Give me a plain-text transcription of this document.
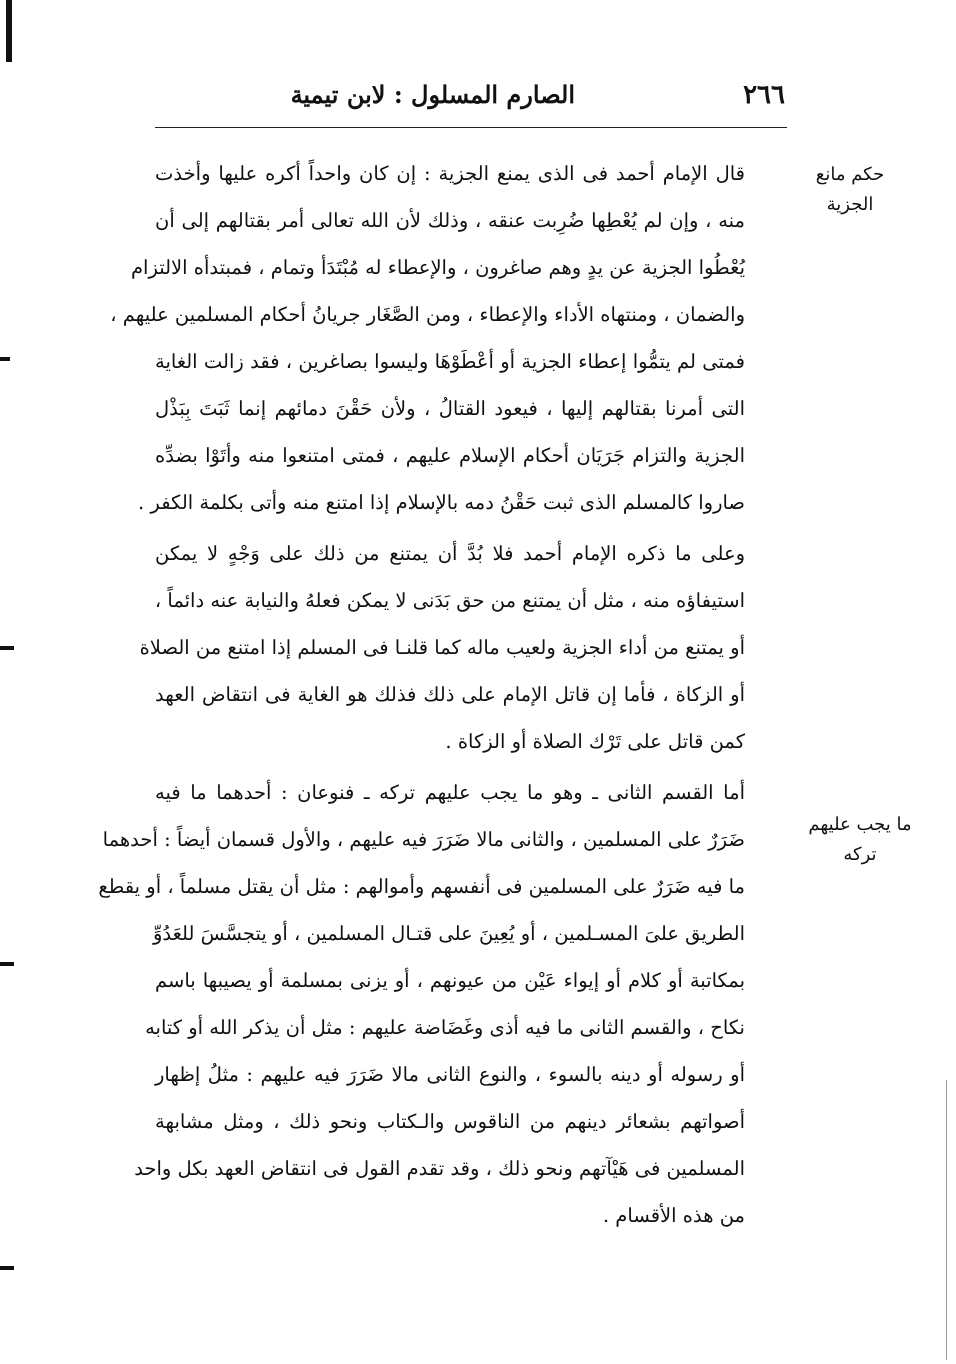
٢٦٦
الصارم المسلول : لابن تيمية
حكم مانع الجزية
ما يجب عليهم تركه

قال الإمام أحمد فى الذى يمنع الجزية : إن كان واحداً أكره عليها وأخذت
منه ، وإن لم يُعْطِها ضُرِبت عنقه ، وذلك لأن الله تعالى أمر بقتالهم إلى أن
يُعْطُوا الجزية عن يدٍ وهم صاغرون ، والإعطاء له مُبْتَدَأ وتمام ، فمبتدأه الالتزام
والضمان ، ومنتهاه الأداء والإعطاء ، ومن الصَّغَار جريانُ أحكام المسلمين عليهم ،
فمتى لم يتمُّوا إعطاء الجزية أو أعْطَوْهَا وليسوا بصاغرين ، فقد زالت الغاية
التى أمرنا بقتالهم إليها ، فيعود القتالُ ، ولأن حَقْنَ دمائهم إنما ثَبَتَ بِبَذْل
الجزية والتزام جَرَيَان أحكام الإسلام عليهم ، فمتى امتنعوا منه وأتَوْا بضدِّه
صاروا كالمسلم الذى ثبت حَقْنُ دمه بالإسلام إذا امتنع منه وأتى بكلمة الكفر .

وعلى ما ذكره الإمام أحمد فلا بُدَّ أن يمتنع من ذلك على وَجْهٍ لا يمكن
استيفاؤه منه ، مثل أن يمتنع من حق بَدَنى لا يمكن فعلهُ والنيابة عنه دائماً ،
أو يمتنع من أداء الجزية ولعيب ماله كما قلنـا فى المسلم إذا امتنع من الصلاة
أو الزكاة ، فأما إن قاتل الإمام على ذلك فذلك هو الغاية فى انتقاض العهد
كمن قاتل على تَرْك الصلاة أو الزكاة .

أما القسم الثانى ـ وهو ما يجب عليهم تركه ـ فنوعان : أحدهما ما فيه
ضَرَرٌ على المسلمين ، والثانى مالا ضَرَرَ فيه عليهم ، والأول قسمان أيضاً : أحدهما
ما فيه ضَرَرٌ على المسلمين فى أنفسهم وأموالهم : مثل أن يقتل مسلماً ، أو يقطع
الطريق علىَ المسـلمين ، أو يُعِينَ على قتـال المسلمين ، أو يتجسَّسَ للعَدُوِّ
بمكاتبة أو كلام أو إيواء عَيْن من عيونهم ، أو يزنى بمسلمة أو يصيبها باسم
نكاح ، والقسم الثانى ما فيه أذى وغَضَاضة عليهم : مثل أن يذكر الله أو كتابه
أو رسوله أو دينه بالسوء ، والنوع الثانى مالا ضَرَرَ فيه عليهم : مثلُ إظهار
أصواتهم بشعائر دينهم من الناقوس والـكتاب ونحو ذلك ، ومثل مشابهة
المسلمين فى هَيْآتهم ونحو ذلك ، وقد تقدم القول فى انتقاض العهد بكل واحد
من هذه الأقسام .
